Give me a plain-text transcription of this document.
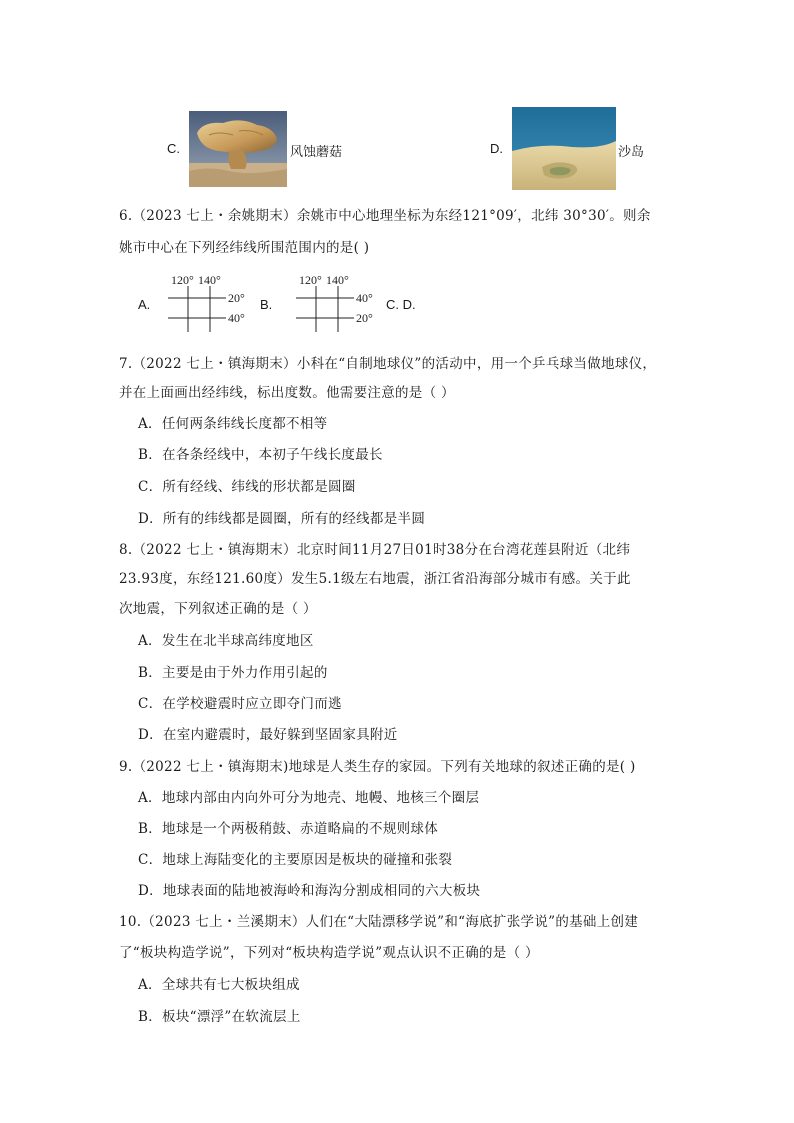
C.	风蚀蘑菇	D.	沙岛
6.（2023 七上・余姚期末）余姚市中心地理坐标为东经121°09′，北纬 30°30′。则余
姚市中心在下列经纬线所围范围内的是( )
A.
120° 140°
20°
40°
B.
120° 140°
40°
20°
C. D.
7.（2022 七上・镇海期末）小科在“自制地球仪”的活动中，用一个乒乓球当做地球仪，
并在上面画出经纬线，标出度数。他需要注意的是（ ）
A．任何两条纬线长度都不相等
B．在各条经线中，本初子午线长度最长
C．所有经线、纬线的形状都是圆圈
D．所有的纬线都是圆圈，所有的经线都是半圆
8.（2022 七上・镇海期末）北京时间11月27日01时38分在台湾花莲县附近（北纬
23.93度，东经121.60度）发生5.1级左右地震，浙江省沿海部分城市有感。关于此
次地震，下列叙述正确的是（ ）
A．发生在北半球高纬度地区
B．主要是由于外力作用引起的
C．在学校避震时应立即夺门而逃
D．在室内避震时，最好躲到坚固家具附近
9.（2022 七上・镇海期末)地球是人类生存的家园。下列有关地球的叙述正确的是( )
A．地球内部由内向外可分为地壳、地幔、地核三个圈层
B．地球是一个两极稍鼓、赤道略扁的不规则球体
C．地球上海陆变化的主要原因是板块的碰撞和张裂
D．地球表面的陆地被海岭和海沟分割成相同的六大板块
10.（2023 七上・兰溪期末）人们在“大陆漂移学说”和“海底扩张学说”的基础上创建
了“板块构造学说”，下列对“板块构造学说”观点认识不正确的是（ ）
A．全球共有七大板块组成
B．板块“漂浮”在软流层上
